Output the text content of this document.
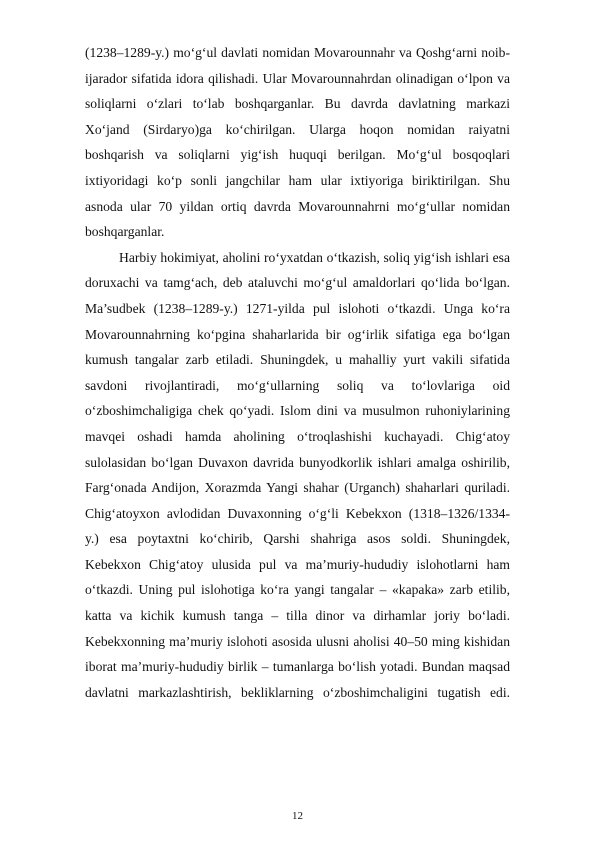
(1238–1289-y.) mo‘g‘ul davlati nomidan Movarounnahr va Qoshg‘arni noib-

ijarador sifatida idora qilishadi. Ular Movarounnahrdan olinadigan o‘lpon va

soliqlarni o‘zlari to‘lab boshqarganlar. Bu davrda davlatning markazi

Xo‘jand (Sirdaryo)ga ko‘chirilgan. Ularga hoqon nomidan raiyatni

boshqarish va soliqlarni yig‘ish huquqi berilgan. Mo‘g‘ul bosqoqlari

ixtiyoridagi ko‘p sonli jangchilar ham ular ixtiyoriga biriktirilgan. Shu

asnoda ular 70 yildan ortiq davrda Movarounnahrni mo‘g‘ullar nomidan

boshqarganlar.

Harbiy hokimiyat, aholini ro‘yxatdan o‘tkazish, soliq yig‘ish ishlari esa

doruxachi va tamg‘ach, deb ataluvchi mo‘g‘ul amaldorlari qo‘lida bo‘lgan.

Ma’sudbek (1238–1289-y.) 1271-yilda pul islohoti o‘tkazdi. Unga ko‘ra

Movarounnahrning ko‘pgina shaharlarida bir og‘irlik sifatiga ega bo‘lgan

kumush tangalar zarb etiladi. Shuningdek, u mahalliy yurt vakili sifatida

savdoni rivojlantiradi, mo‘g‘ullarning soliq va to‘lovlariga oid

o‘zboshimchaligiga chek qo‘yadi. Islom dini va musulmon ruhoniylarining

mavqei oshadi hamda aholining o‘troqlashishi kuchayadi. Chig‘atoy

sulolasidan bo‘lgan Duvaxon davrida bunyodkorlik ishlari amalga oshirilib,

Farg‘onada Andijon, Xorazmda Yangi shahar (Urganch) shaharlari quriladi.

Chig‘atoyxon avlodidan Duvaxonning o‘g‘li Kebekxon (1318–1326/1334-

y.) esa poytaxtni ko‘chirib, Qarshi shahriga asos soldi. Shuningdek,

Kebekxon Chig‘atoy ulusida pul va ma’muriy-hududiy islohotlarni ham

o‘tkazdi. Uning pul islohotiga ko‘ra yangi tangalar – «kapaka» zarb etilib,

katta va kichik kumush tanga – tilla dinor va dirhamlar joriy bo‘ladi.

Kebekxonning ma’muriy islohoti asosida ulusni aholisi 40–50 ming kishidan

iborat ma’muriy-hududiy birlik – tumanlarga bo‘lish yotadi. Bundan maqsad

davlatni markazlashtirish, bekliklarning o‘zboshimchaligini tugatish edi.

12
